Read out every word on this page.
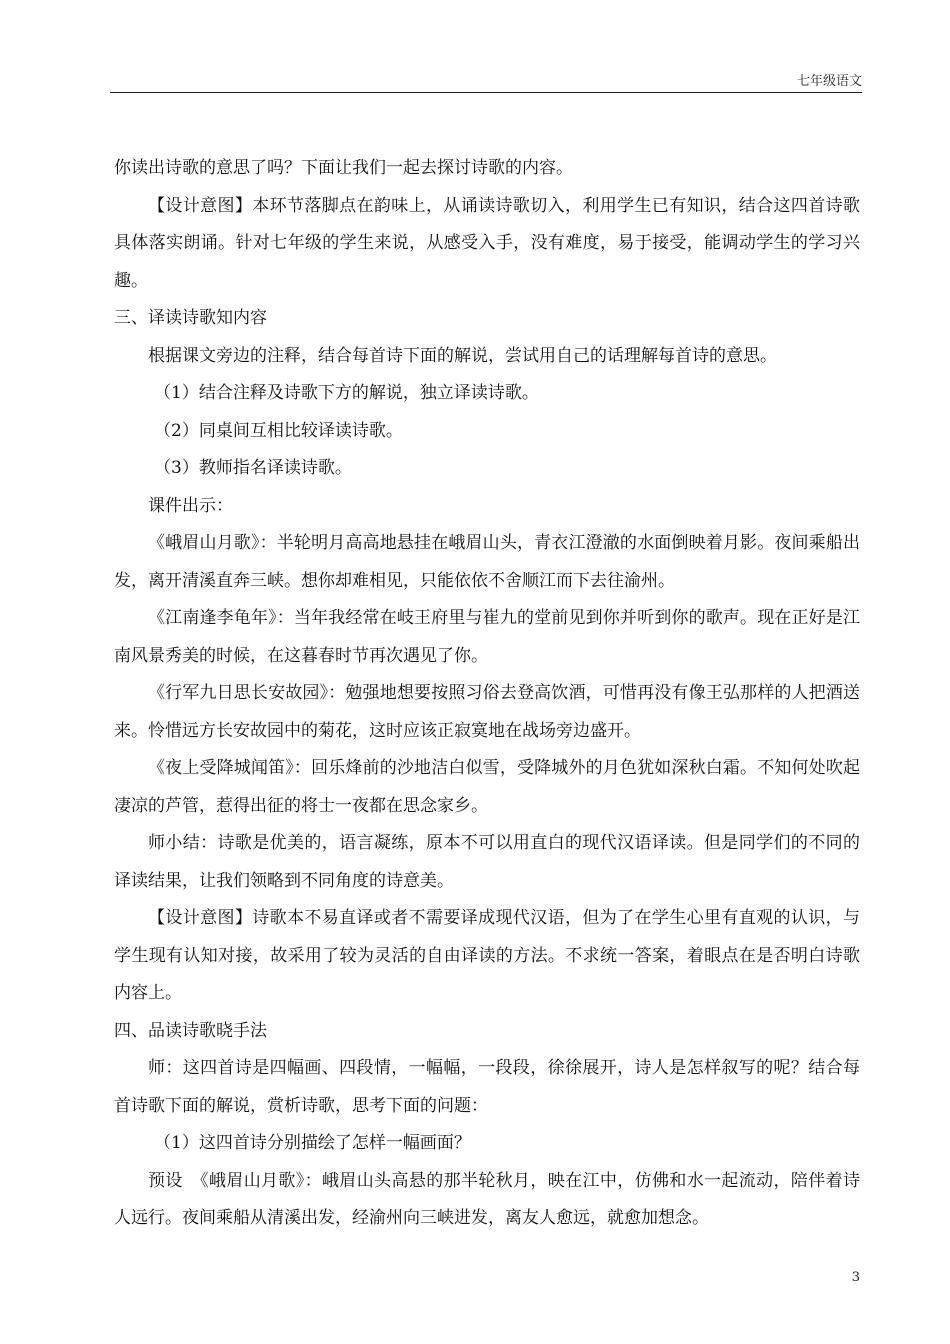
七年级语文

你读出诗歌的意思了吗？下面让我们一起去探讨诗歌的内容。

【设计意图】本环节落脚点在韵味上，从诵读诗歌切入，利用学生已有知识，结合这四首诗歌具体落实朗诵。针对七年级的学生来说，从感受入手，没有难度，易于接受，能调动学生的学习兴趣。

三、译读诗歌知内容

根据课文旁边的注释，结合每首诗下面的解说，尝试用自己的话理解每首诗的意思。

（1）结合注释及诗歌下方的解说，独立译读诗歌。

（2）同桌间互相比较译读诗歌。

（3）教师指名译读诗歌。

课件出示：

《峨眉山月歌》：半轮明月高高地悬挂在峨眉山头，青衣江澄澈的水面倒映着月影。夜间乘船出发，离开清溪直奔三峡。想你却难相见，只能依依不舍顺江而下去往渝州。

《江南逢李龟年》：当年我经常在岐王府里与崔九的堂前见到你并听到你的歌声。现在正好是江南风景秀美的时候，在这暮春时节再次遇见了你。

《行军九日思长安故园》：勉强地想要按照习俗去登高饮酒，可惜再没有像王弘那样的人把酒送来。怜惜远方长安故园中的菊花，这时应该正寂寞地在战场旁边盛开。

《夜上受降城闻笛》：回乐烽前的沙地洁白似雪，受降城外的月色犹如深秋白霜。不知何处吹起凄凉的芦管，惹得出征的将士一夜都在思念家乡。

师小结：诗歌是优美的，语言凝练，原本不可以用直白的现代汉语译读。但是同学们的不同的译读结果，让我们领略到不同角度的诗意美。

【设计意图】诗歌本不易直译或者不需要译成现代汉语，但为了在学生心里有直观的认识，与学生现有认知对接，故采用了较为灵活的自由译读的方法。不求统一答案，着眼点在是否明白诗歌内容上。

四、品读诗歌晓手法

师：这四首诗是四幅画、四段情，一幅幅，一段段，徐徐展开，诗人是怎样叙写的呢？结合每首诗歌下面的解说，赏析诗歌，思考下面的问题：

（1）这四首诗分别描绘了怎样一幅画面？

预设　《峨眉山月歌》：峨眉山头高悬的那半轮秋月，映在江中，仿佛和水一起流动，陪伴着诗人远行。夜间乘船从清溪出发，经渝州向三峡进发，离友人愈远，就愈加想念。

3
